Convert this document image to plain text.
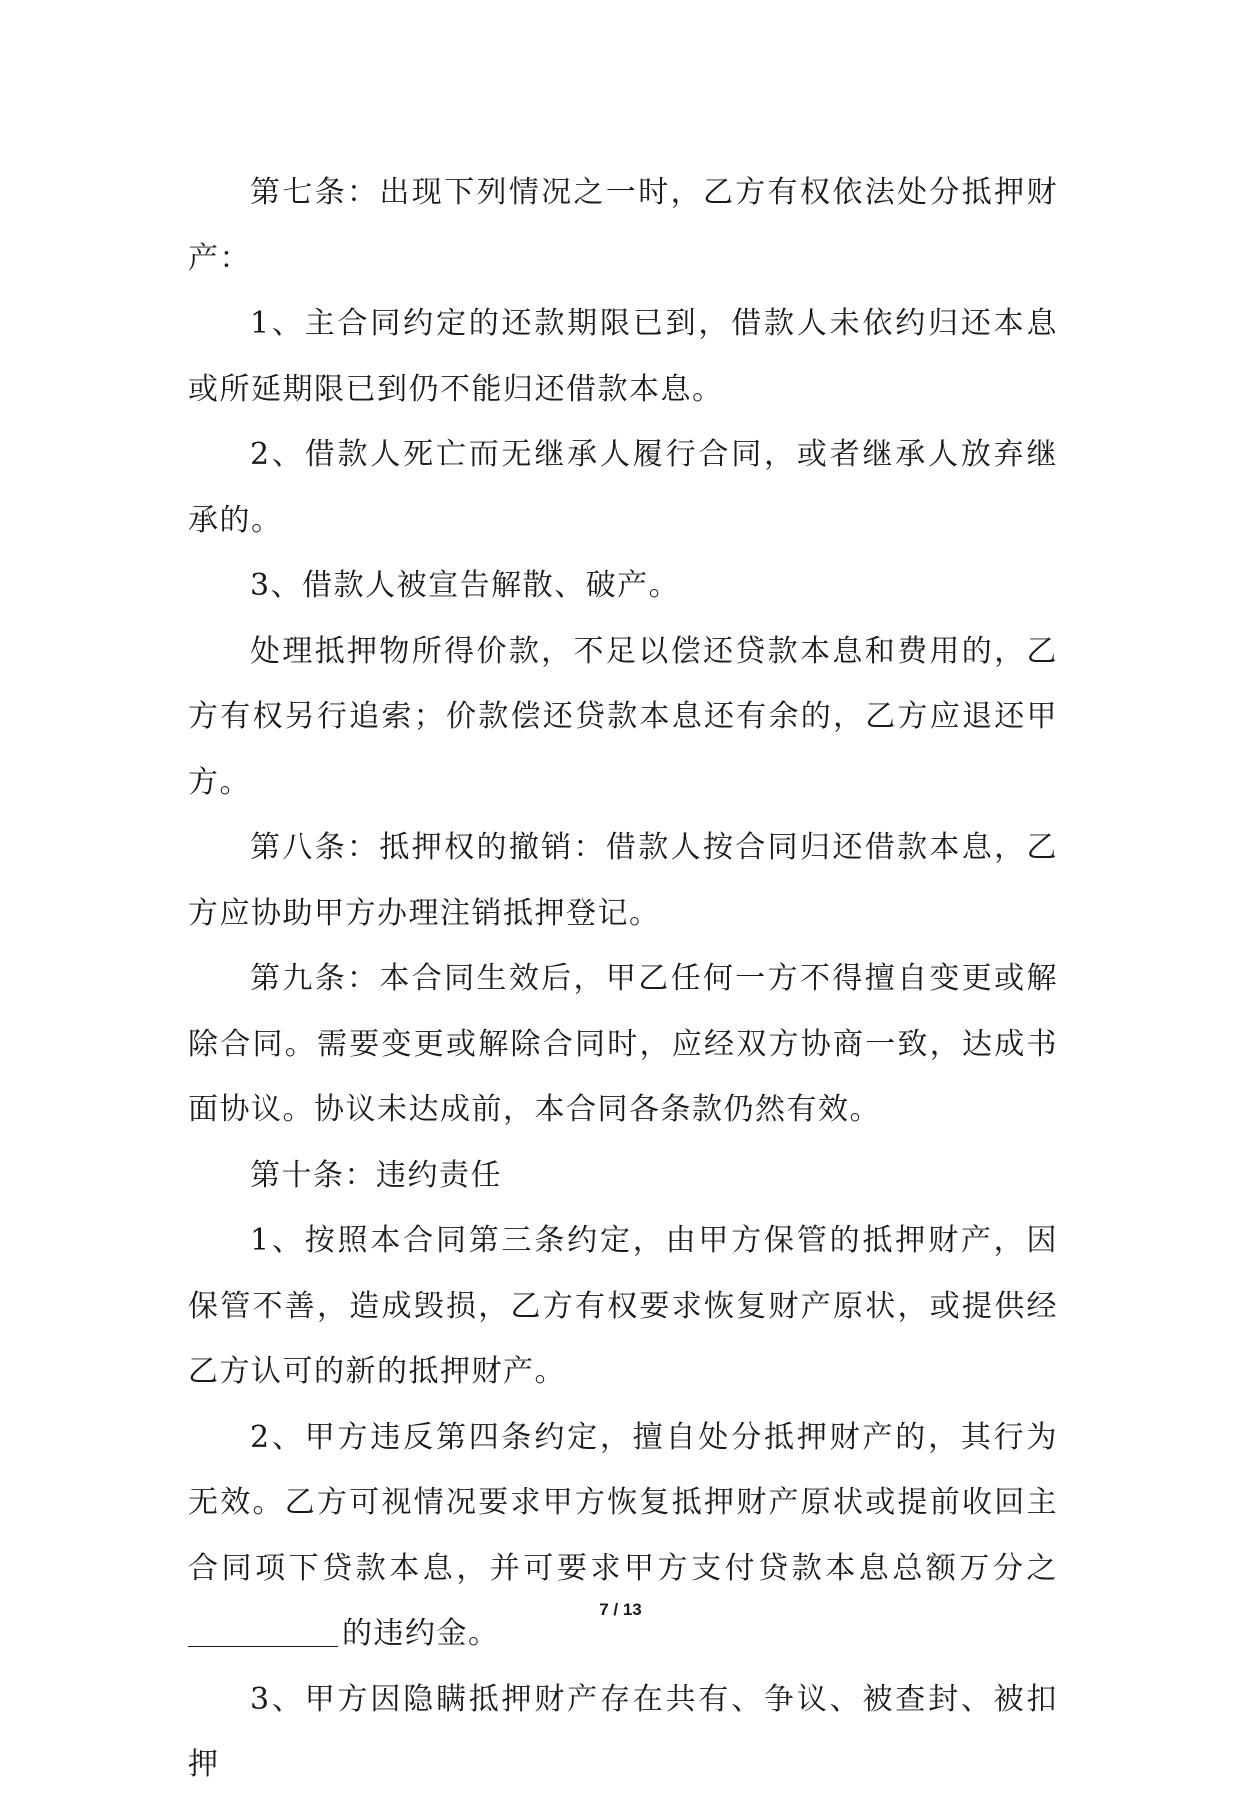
第七条：出现下列情况之一时，乙方有权依法处分抵押财产：

1、主合同约定的还款期限已到，借款人未依约归还本息或所延期限已到仍不能归还借款本息。

2、借款人死亡而无继承人履行合同，或者继承人放弃继承的。

3、借款人被宣告解散、破产。

处理抵押物所得价款，不足以偿还贷款本息和费用的，乙方有权另行追索；价款偿还贷款本息还有余的，乙方应退还甲方。

第八条：抵押权的撤销：借款人按合同归还借款本息，乙方应协助甲方办理注销抵押登记。

第九条：本合同生效后，甲乙任何一方不得擅自变更或解除合同。需要变更或解除合同时，应经双方协商一致，达成书面协议。协议未达成前，本合同各条款仍然有效。

第十条：违约责任

1、按照本合同第三条约定，由甲方保管的抵押财产，因保管不善，造成毁损，乙方有权要求恢复财产原状，或提供经乙方认可的新的抵押财产。

2、甲方违反第四条约定，擅自处分抵押财产的，其行为无效。乙方可视情况要求甲方恢复抵押财产原状或提前收回主合同项下贷款本息，并可要求甲方支付贷款本息总额万分之的违约金。

3、甲方因隐瞒抵押财产存在共有、争议、被查封、被扣押

7 / 13
